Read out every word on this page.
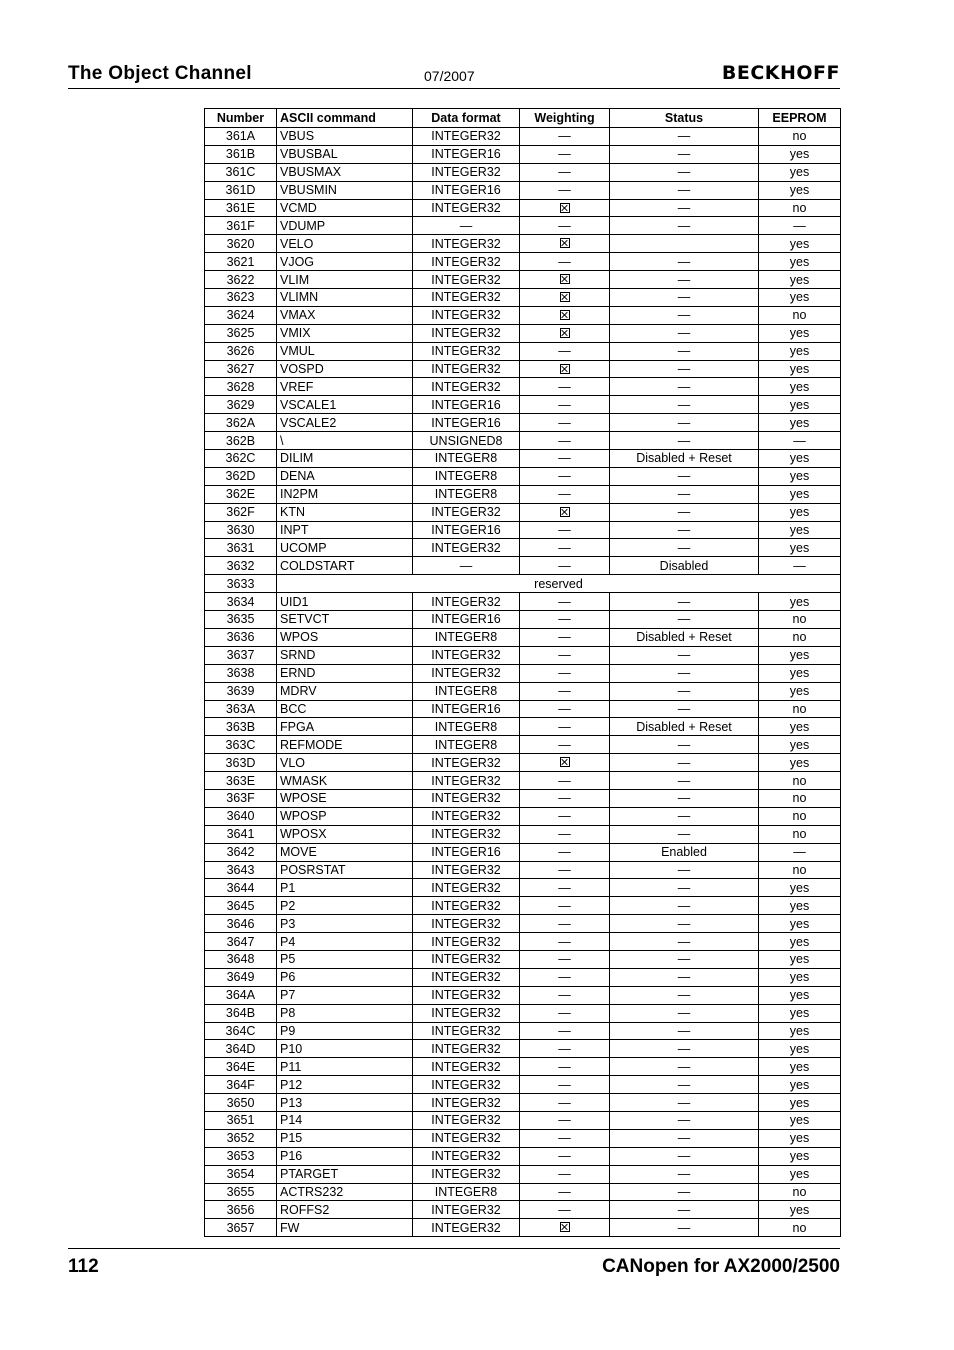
The Object Channel	07/2007	BECKHOFF
Number	ASCII command	Data format	Weighting	Status	EEPROM
361A	VBUS	INTEGER32	—	—	no
361B	VBUSBAL	INTEGER16	—	—	yes
361C	VBUSMAX	INTEGER32	—	—	yes
361D	VBUSMIN	INTEGER16	—	—	yes
361E	VCMD	INTEGER32		—	no
361F	VDUMP	—	—	—	—
3620	VELO	INTEGER32			yes
3621	VJOG	INTEGER32	—	—	yes
3622	VLIM	INTEGER32		—	yes
3623	VLIMN	INTEGER32		—	yes
3624	VMAX	INTEGER32		—	no
3625	VMIX	INTEGER32		—	yes
3626	VMUL	INTEGER32	—	—	yes
3627	VOSPD	INTEGER32		—	yes
3628	VREF	INTEGER32	—	—	yes
3629	VSCALE1	INTEGER16	—	—	yes
362A	VSCALE2	INTEGER16	—	—	yes
362B	\	UNSIGNED8	—	—	—
362C	DILIM	INTEGER8	—	Disabled + Reset	yes
362D	DENA	INTEGER8	—	—	yes
362E	IN2PM	INTEGER8	—	—	yes
362F	KTN	INTEGER32		—	yes
3630	INPT	INTEGER16	—	—	yes
3631	UCOMP	INTEGER32	—	—	yes
3632	COLDSTART	—	—	Disabled	—
3633	reserved				
3634	UID1	INTEGER32	—	—	yes
3635	SETVCT	INTEGER16	—	—	no
3636	WPOS	INTEGER8	—	Disabled + Reset	no
3637	SRND	INTEGER32	—	—	yes
3638	ERND	INTEGER32	—	—	yes
3639	MDRV	INTEGER8	—	—	yes
363A	BCC	INTEGER16	—	—	no
363B	FPGA	INTEGER8	—	Disabled + Reset	yes
363C	REFMODE	INTEGER8	—	—	yes
363D	VLO	INTEGER32		—	yes
363E	WMASK	INTEGER32	—	—	no
363F	WPOSE	INTEGER32	—	—	no
3640	WPOSP	INTEGER32	—	—	no
3641	WPOSX	INTEGER32	—	—	no
3642	MOVE	INTEGER16	—	Enabled	—
3643	POSRSTAT	INTEGER32	—	—	no
3644	P1	INTEGER32	—	—	yes
3645	P2	INTEGER32	—	—	yes
3646	P3	INTEGER32	—	—	yes
3647	P4	INTEGER32	—	—	yes
3648	P5	INTEGER32	—	—	yes
3649	P6	INTEGER32	—	—	yes
364A	P7	INTEGER32	—	—	yes
364B	P8	INTEGER32	—	—	yes
364C	P9	INTEGER32	—	—	yes
364D	P10	INTEGER32	—	—	yes
364E	P11	INTEGER32	—	—	yes
364F	P12	INTEGER32	—	—	yes
3650	P13	INTEGER32	—	—	yes
3651	P14	INTEGER32	—	—	yes
3652	P15	INTEGER32	—	—	yes
3653	P16	INTEGER32	—	—	yes
3654	PTARGET	INTEGER32	—	—	yes
3655	ACTRS232	INTEGER8	—	—	no
3656	ROFFS2	INTEGER32	—	—	yes
3657	FW	INTEGER32		—	no
112	CANopen for AX2000/2500
